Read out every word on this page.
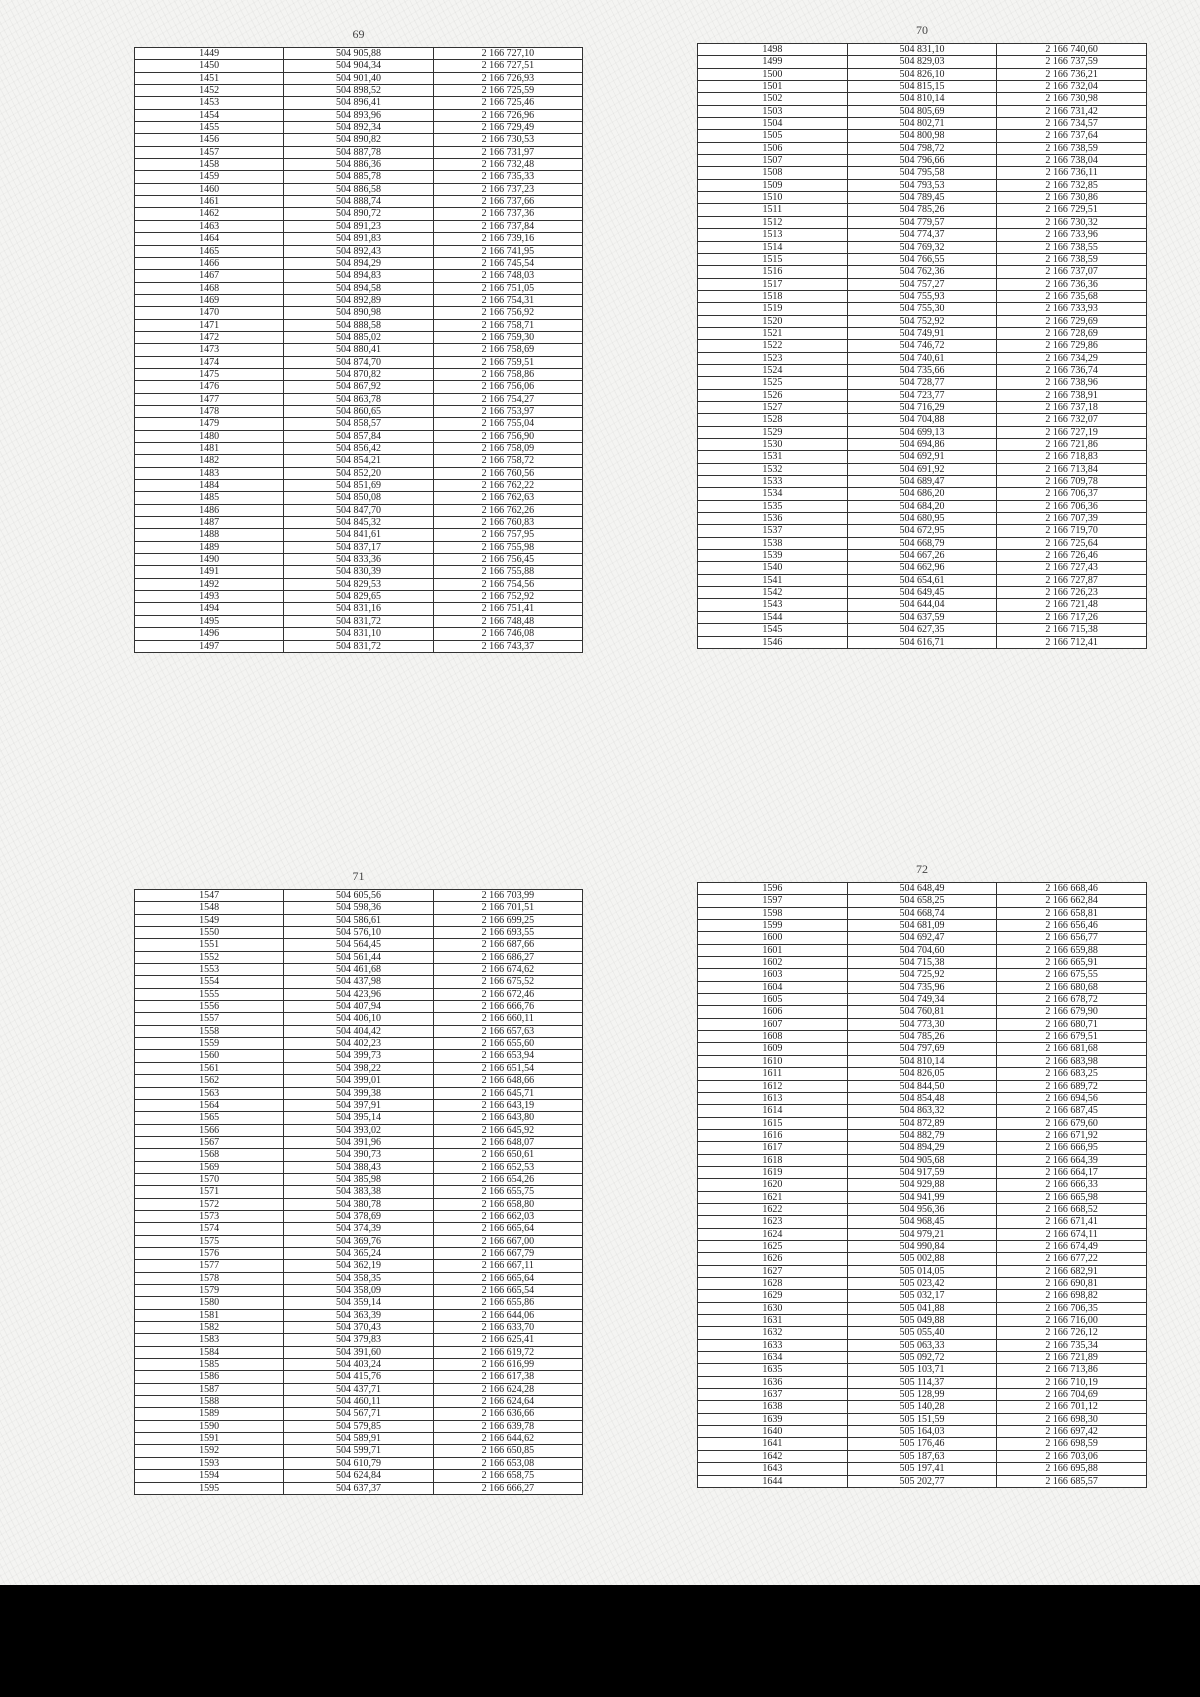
69
1449	504 905,88	2 166 727,10
1450	504 904,34	2 166 727,51
1451	504 901,40	2 166 726,93
1452	504 898,52	2 166 725,59
1453	504 896,41	2 166 725,46
1454	504 893,96	2 166 726,96
1455	504 892,34	2 166 729,49
1456	504 890,82	2 166 730,53
1457	504 887,78	2 166 731,97
1458	504 886,36	2 166 732,48
1459	504 885,78	2 166 735,33
1460	504 886,58	2 166 737,23
1461	504 888,74	2 166 737,66
1462	504 890,72	2 166 737,36
1463	504 891,23	2 166 737,84
1464	504 891,83	2 166 739,16
1465	504 892,43	2 166 741,95
1466	504 894,29	2 166 745,54
1467	504 894,83	2 166 748,03
1468	504 894,58	2 166 751,05
1469	504 892,89	2 166 754,31
1470	504 890,98	2 166 756,92
1471	504 888,58	2 166 758,71
1472	504 885,02	2 166 759,30
1473	504 880,41	2 166 758,69
1474	504 874,70	2 166 759,51
1475	504 870,82	2 166 758,86
1476	504 867,92	2 166 756,06
1477	504 863,78	2 166 754,27
1478	504 860,65	2 166 753,97
1479	504 858,57	2 166 755,04
1480	504 857,84	2 166 756,90
1481	504 856,42	2 166 758,09
1482	504 854,21	2 166 758,72
1483	504 852,20	2 166 760,56
1484	504 851,69	2 166 762,22
1485	504 850,08	2 166 762,63
1486	504 847,70	2 166 762,26
1487	504 845,32	2 166 760,83
1488	504 841,61	2 166 757,95
1489	504 837,17	2 166 755,98
1490	504 833,36	2 166 756,45
1491	504 830,39	2 166 755,88
1492	504 829,53	2 166 754,56
1493	504 829,65	2 166 752,92
1494	504 831,16	2 166 751,41
1495	504 831,72	2 166 748,48
1496	504 831,10	2 166 746,08
1497	504 831,72	2 166 743,37
70
1498	504 831,10	2 166 740,60
1499	504 829,03	2 166 737,59
1500	504 826,10	2 166 736,21
1501	504 815,15	2 166 732,04
1502	504 810,14	2 166 730,98
1503	504 805,69	2 166 731,42
1504	504 802,71	2 166 734,57
1505	504 800,98	2 166 737,64
1506	504 798,72	2 166 738,59
1507	504 796,66	2 166 738,04
1508	504 795,58	2 166 736,11
1509	504 793,53	2 166 732,85
1510	504 789,45	2 166 730,86
1511	504 785,26	2 166 729,51
1512	504 779,57	2 166 730,32
1513	504 774,37	2 166 733,96
1514	504 769,32	2 166 738,55
1515	504 766,55	2 166 738,59
1516	504 762,36	2 166 737,07
1517	504 757,27	2 166 736,36
1518	504 755,93	2 166 735,68
1519	504 755,30	2 166 733,93
1520	504 752,92	2 166 729,69
1521	504 749,91	2 166 728,69
1522	504 746,72	2 166 729,86
1523	504 740,61	2 166 734,29
1524	504 735,66	2 166 736,74
1525	504 728,77	2 166 738,96
1526	504 723,77	2 166 738,91
1527	504 716,29	2 166 737,18
1528	504 704,88	2 166 732,07
1529	504 699,13	2 166 727,19
1530	504 694,86	2 166 721,86
1531	504 692,91	2 166 718,83
1532	504 691,92	2 166 713,84
1533	504 689,47	2 166 709,78
1534	504 686,20	2 166 706,37
1535	504 684,20	2 166 706,36
1536	504 680,95	2 166 707,39
1537	504 672,95	2 166 719,70
1538	504 668,79	2 166 725,64
1539	504 667,26	2 166 726,46
1540	504 662,96	2 166 727,43
1541	504 654,61	2 166 727,87
1542	504 649,45	2 166 726,23
1543	504 644,04	2 166 721,48
1544	504 637,59	2 166 717,26
1545	504 627,35	2 166 715,38
1546	504 616,71	2 166 712,41
71
1547	504 605,56	2 166 703,99
1548	504 598,36	2 166 701,51
1549	504 586,61	2 166 699,25
1550	504 576,10	2 166 693,55
1551	504 564,45	2 166 687,66
1552	504 561,44	2 166 686,27
1553	504 461,68	2 166 674,62
1554	504 437,98	2 166 675,52
1555	504 423,96	2 166 672,46
1556	504 407,94	2 166 666,76
1557	504 406,10	2 166 660,11
1558	504 404,42	2 166 657,63
1559	504 402,23	2 166 655,60
1560	504 399,73	2 166 653,94
1561	504 398,22	2 166 651,54
1562	504 399,01	2 166 648,66
1563	504 399,38	2 166 645,71
1564	504 397,91	2 166 643,19
1565	504 395,14	2 166 643,80
1566	504 393,02	2 166 645,92
1567	504 391,96	2 166 648,07
1568	504 390,73	2 166 650,61
1569	504 388,43	2 166 652,53
1570	504 385,98	2 166 654,26
1571	504 383,38	2 166 655,75
1572	504 380,78	2 166 658,80
1573	504 378,69	2 166 662,03
1574	504 374,39	2 166 665,64
1575	504 369,76	2 166 667,00
1576	504 365,24	2 166 667,79
1577	504 362,19	2 166 667,11
1578	504 358,35	2 166 665,64
1579	504 358,09	2 166 665,54
1580	504 359,14	2 166 655,86
1581	504 363,39	2 166 644,06
1582	504 370,43	2 166 633,70
1583	504 379,83	2 166 625,41
1584	504 391,60	2 166 619,72
1585	504 403,24	2 166 616,99
1586	504 415,76	2 166 617,38
1587	504 437,71	2 166 624,28
1588	504 460,11	2 166 624,64
1589	504 567,71	2 166 636,66
1590	504 579,85	2 166 639,78
1591	504 589,91	2 166 644,62
1592	504 599,71	2 166 650,85
1593	504 610,79	2 166 653,08
1594	504 624,84	2 166 658,75
1595	504 637,37	2 166 666,27
72
1596	504 648,49	2 166 668,46
1597	504 658,25	2 166 662,84
1598	504 668,74	2 166 658,81
1599	504 681,09	2 166 656,46
1600	504 692,47	2 166 656,77
1601	504 704,60	2 166 659,88
1602	504 715,38	2 166 665,91
1603	504 725,92	2 166 675,55
1604	504 735,96	2 166 680,68
1605	504 749,34	2 166 678,72
1606	504 760,81	2 166 679,90
1607	504 773,30	2 166 680,71
1608	504 785,26	2 166 679,51
1609	504 797,69	2 166 681,68
1610	504 810,14	2 166 683,98
1611	504 826,05	2 166 683,25
1612	504 844,50	2 166 689,72
1613	504 854,48	2 166 694,56
1614	504 863,32	2 166 687,45
1615	504 872,89	2 166 679,60
1616	504 882,79	2 166 671,92
1617	504 894,29	2 166 666,95
1618	504 905,68	2 166 664,39
1619	504 917,59	2 166 664,17
1620	504 929,88	2 166 666,33
1621	504 941,99	2 166 665,98
1622	504 956,36	2 166 668,52
1623	504 968,45	2 166 671,41
1624	504 979,21	2 166 674,11
1625	504 990,84	2 166 674,49
1626	505 002,88	2 166 677,22
1627	505 014,05	2 166 682,91
1628	505 023,42	2 166 690,81
1629	505 032,17	2 166 698,82
1630	505 041,88	2 166 706,35
1631	505 049,88	2 166 716,00
1632	505 055,40	2 166 726,12
1633	505 063,33	2 166 735,34
1634	505 092,72	2 166 721,89
1635	505 103,71	2 166 713,86
1636	505 114,37	2 166 710,19
1637	505 128,99	2 166 704,69
1638	505 140,28	2 166 701,12
1639	505 151,59	2 166 698,30
1640	505 164,03	2 166 697,42
1641	505 176,46	2 166 698,59
1642	505 187,63	2 166 703,06
1643	505 197,41	2 166 695,88
1644	505 202,77	2 166 685,57
